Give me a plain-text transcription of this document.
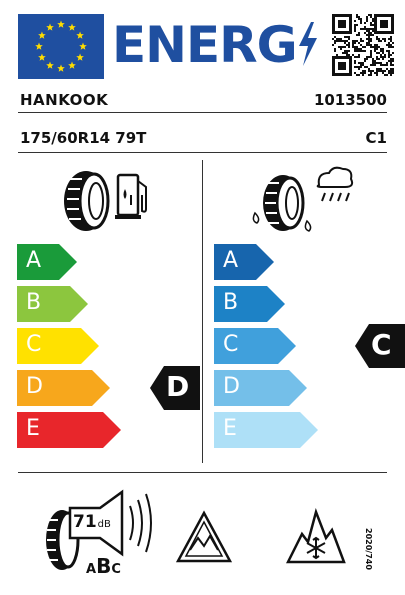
ENERG
HANKOOK	1013500
175/60R14 79T	C1
A
B
C
D
E
D
A
B
C
D
E
C
71dB
ABC	2020/740
